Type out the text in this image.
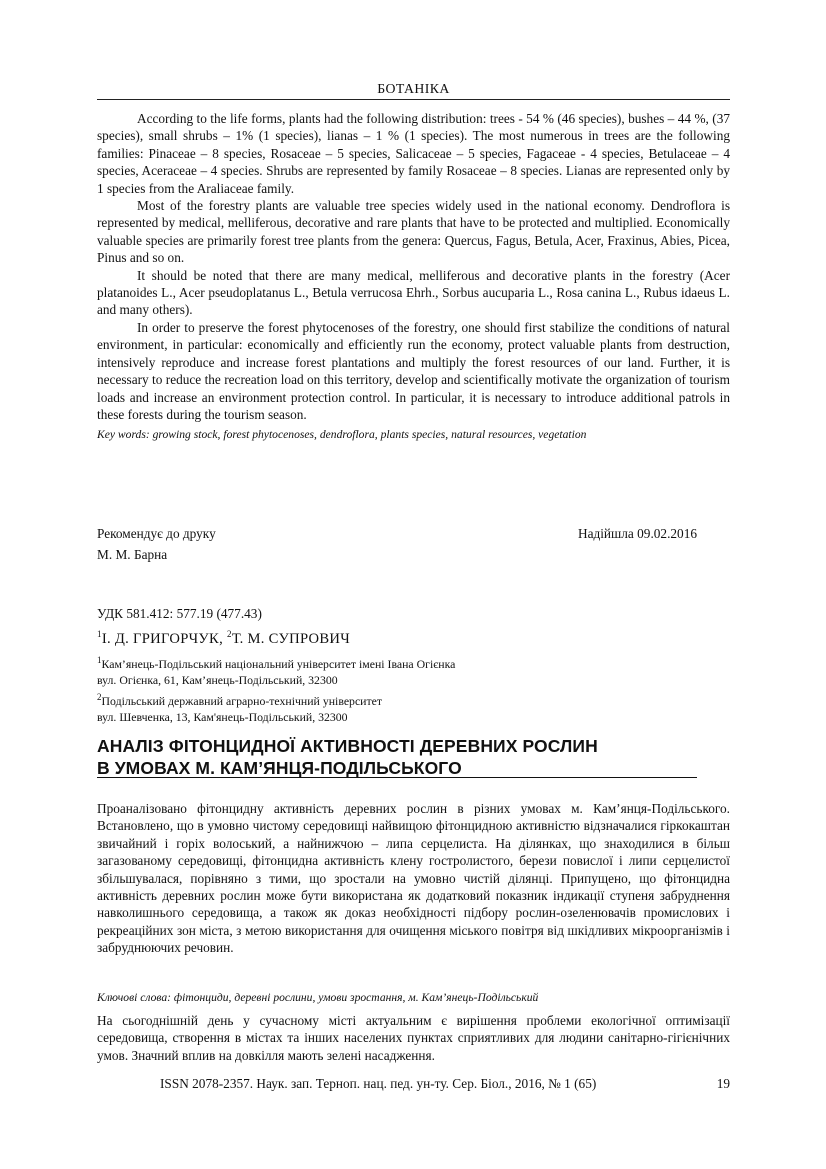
БОТАНІКА

According to the life forms, plants had the following distribution: trees - 54 % (46 species), bushes – 44 %, (37 species), small shrubs – 1% (1 species), lianas – 1 % (1 species). The most numerous in trees are the following families: Pinaceae – 8 species, Rosaceae – 5 species, Salicaceae – 5 species, Fagaceae - 4 species, Betulaceae – 4 species, Aceraceae – 4 species. Shrubs are represented by family Rosaceae – 8 species. Lianas are represented only by 1 species from the Araliaceae family.

Most of the forestry plants are valuable tree species widely used in the national economy. Dendroflora is represented by medical, melliferous, decorative and rare plants that have to be protected and multiplied. Economically valuable species are primarily forest tree plants from the genera: Quercus, Fagus, Betula, Acer, Fraxinus, Abies, Picea, Pinus and so on.

It should be noted that there are many medical, melliferous and decorative plants in the forestry (Acer platanoides L., Acer pseudoplatanus L., Betula verrucosa Ehrh., Sorbus aucuparia L., Rosa canina L., Rubus idaeus L. and many others).

In order to preserve the forest phytocenoses of the forestry, one should first stabilize the conditions of natural environment, in particular: economically and efficiently run the economy, protect valuable plants from destruction, intensively reproduce and increase forest plantations and multiply the forest resources of our land. Further, it is necessary to reduce the recreation load on this territory, develop and scientifically motivate the organization of tourism loads and increase an environment protection control. In particular, it is necessary to introduce additional patrols in these forests during the tourism season.

Key words: growing stock, forest phytocenoses, dendroflora, plants species, natural resources, vegetation

Рекомендує до друку	Надійшла 09.02.2016
М. М. Барна
УДК 581.412: 577.19 (477.43)
$^1$І. Д. ГРИГОРЧУК, $^2$Т. М. СУПРОВИЧ
$^1$Кам’янець-Подільський національний університет імені Івана Огієнка
вул. Огієнка, 61, Кам’янець-Подільський, 32300
$^2$Подільський державний аграрно-технічний університет
вул. Шевченка, 13, Кам'янець-Подільський, 32300
АНАЛІЗ ФІТОНЦИДНОЇ АКТИВНОСТІ ДЕРЕВНИХ РОСЛИН
В УМОВАХ М. КАМ’ЯНЦЯ-ПОДІЛЬСЬКОГО

Проаналізовано фітонцидну активність деревних рослин в різних умовах м. Кам’янця-Подільського. Встановлено, що в умовно чистому середовищі найвищою фітонцидною активністю відзначалися гіркокаштан звичайний і горіх волоський, а найнижчою – липа серцелиста. На ділянках, що знаходилися в більш загазованому середовищі, фітонцидна активність клену гостролистого, берези повислої і липи серцелистої збільшувалася, порівняно з тими, що зростали на умовно чистій ділянці. Припущено, що фітонцидна активність деревних рослин може бути використана як додатковий показник індикації ступеня забруднення навколишнього середовища, а також як доказ необхідності підбору рослин-озеленювачів промислових і рекреаційних зон міста, з метою використання для очищення міського повітря від шкідливих мікроорганізмів і забруднюючих речовин.

Ключові слова: фітонциди, деревні рослини, умови зростання, м. Кам’янець-Подільський

На сьогоднішній день у сучасному місті актуальним є вирішення проблеми екологічної оптимізації середовища, створення в містах та інших населених пунктах сприятливих для людини санітарно-гігієнічних умов. Значний вплив на довкілля мають зелені насадження.

ISSN 2078-2357. Наук. зап. Терноп. нац. пед. ун-ту. Сер. Біол., 2016, № 1 (65)	19
